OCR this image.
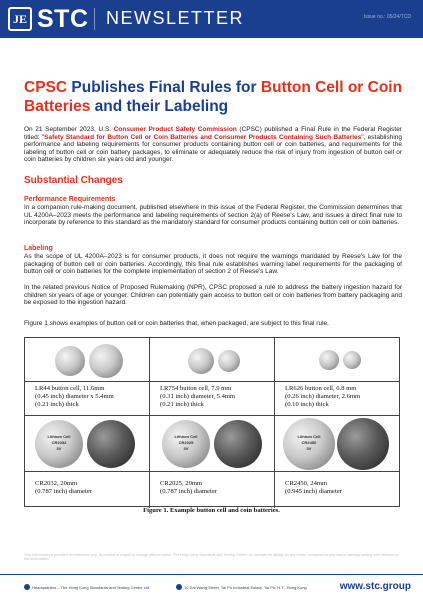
JE STC NEWSLETTER	Issue no.: 05/24/TCD
CPSC Publishes Final Rules for Button Cell or Coin Batteries and their Labeling
On 21 September 2023, U.S. Consumer Product Safety Commission (CPSC) published a Final Rule in the Federal Register titled: "Safety Standard for Button Cell or Coin Batteries and Consumer Products Containing Such Batteries", establishing performance and labeling requirements for consumer products containing button cell or coin batteries, and requirements for the labeling of button cell or coin battery packages, to eliminate or adequately reduce the risk of injury from ingestion of button cell or coin batteries by children six years old and younger.
Substantial Changes
Performance Requirements
In a companion rule-making document, published elsewhere in this issue of the Federal Register, the Commission determines that UL 4200A–2023 meets the performance and labeling requirements of section 2(a) of Reese's Law, and issues a direct final rule to incorporate by reference to this standard as the mandatory standard for consumer products containing button cell or coin batteries.
Labeling
As the scope of UL 4200A–2023 is for consumer products, it does not require the warnings mandated by Reese's Law for the packaging of button cell or coin batteries. Accordingly, this final rule establishes warning label requirements for the packaging of button cell or coin batteries for the complete implementation of section 2 of Reese's Law.
In the related previous Notice of Proposed Rulemaking (NPR), CPSC proposed a rule to address the battery ingestion hazard for children six years of age or younger. Children can potentially gain access to button cell or coin batteries from battery packaging and be exposed to the ingestion hazard.
Figure 1 shows examples of button cell or coin batteries that, when packaged, are subject to this final rule.
LR44 button cell, 11.6mm
(0.45 inch) diameter x 5.4mm
(0.21 inch) thick
LR754 button cell, 7.9 mm
(0.31 inch) diameter, 5.4mm
(0.21 inch) thick
LR626 button cell, 6.8 mm
(0.26 inch) diameter, 2.6mm
(0.10 inch) thick
Lithium Cell
CR2032
3V
Lithium Cell
CR2025
3V
Lithium Cell
CR2450
3V
CR2032, 20mm
(0.787 inch) diameter
CR2025, 20mm
(0.787 inch) diameter
CR2450, 24mm
(0.945 inch) diameter
Figure 1. Example button cell and coin batteries.
This information is provided for reference only. Its content is subject to change without notice. The Hong Kong Standards and Testing Centre Ltd. accepts no liability for any errors, omissions or any loss or damage arising from reliance on this information.
Headquarters – The Hong Kong Standards and Testing Centre Ltd	10 Dai Wang Street, Tai Po Industrial Estate, Tai Po, N.T., Hong Kong	www.stc.group
